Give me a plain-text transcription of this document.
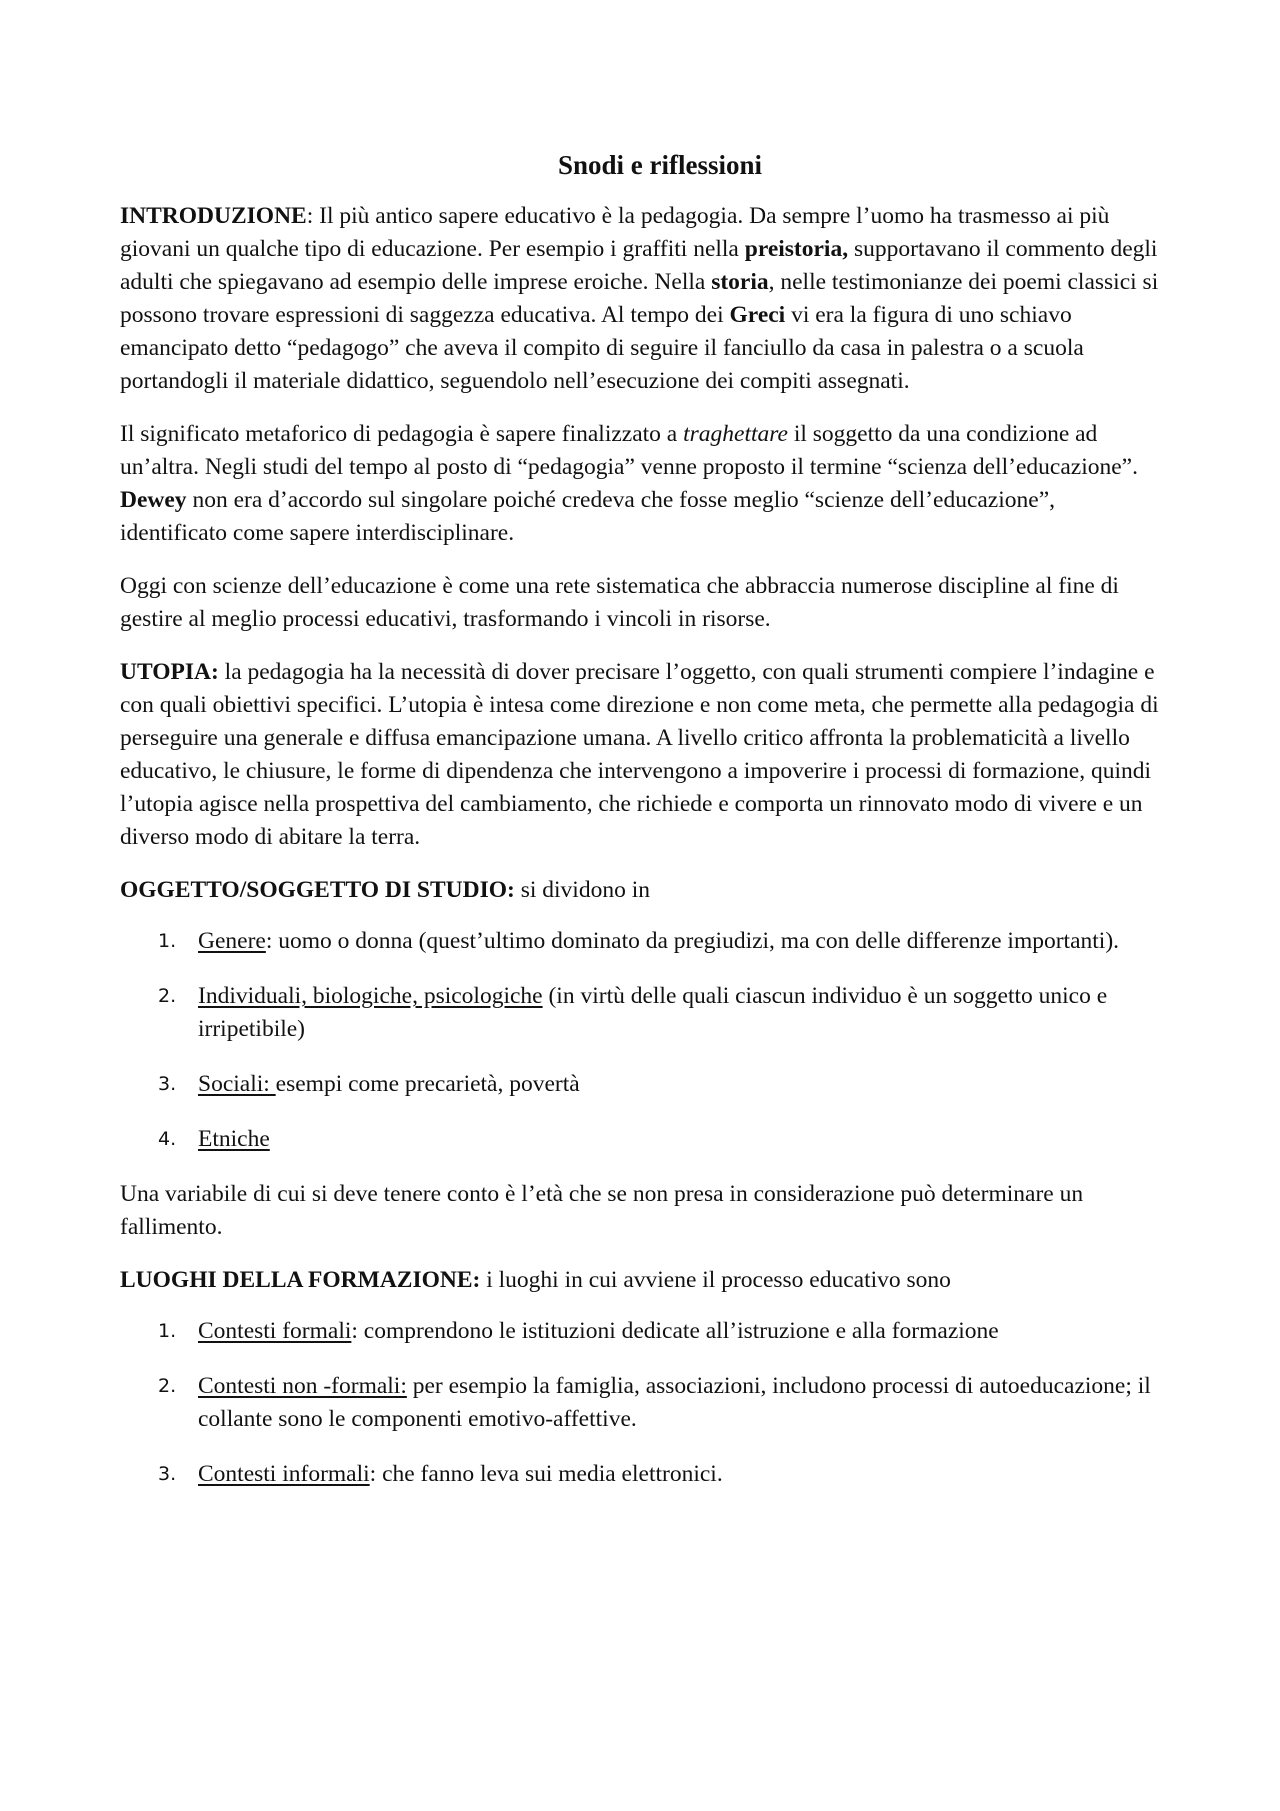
Snodi e riflessioni

INTRODUZIONE: Il più antico sapere educativo è la pedagogia. Da sempre l’uomo ha trasmesso ai più giovani un qualche tipo di educazione. Per esempio i graffiti nella preistoria, supportavano il commento degli adulti che spiegavano ad esempio delle imprese eroiche. Nella storia, nelle testimonianze dei poemi classici si possono trovare espressioni di saggezza educativa. Al tempo dei Greci vi era la figura di uno schiavo emancipato detto “pedagogo” che aveva il compito di seguire il fanciullo da casa in palestra o a scuola portandogli il materiale didattico, seguendolo nell’esecuzione dei compiti assegnati.

Il significato metaforico di pedagogia è sapere finalizzato a traghettare il soggetto da una condizione ad un’altra. Negli studi del tempo al posto di “pedagogia” venne proposto il termine “scienza dell’educazione”. Dewey non era d’accordo sul singolare poiché credeva che fosse meglio “scienze dell’educazione”, identificato come sapere interdisciplinare.

Oggi con scienze dell’educazione è come una rete sistematica che abbraccia numerose discipline al fine di gestire al meglio processi educativi, trasformando i vincoli in risorse.

UTOPIA: la pedagogia ha la necessità di dover precisare l’oggetto, con quali strumenti compiere l’indagine e con quali obiettivi specifici. L’utopia è intesa come direzione e non come meta, che permette alla pedagogia di perseguire una generale e diffusa emancipazione umana. A livello critico affronta la problematicità a livello educativo, le chiusure, le forme di dipendenza che intervengono a impoverire i processi di formazione, quindi l’utopia agisce nella prospettiva del cambiamento, che richiede e comporta un rinnovato modo di vivere e un diverso modo di abitare la terra.

OGGETTO/SOGGETTO DI STUDIO: si dividono in

1. Genere: uomo o donna (quest’ultimo dominato da pregiudizi, ma con delle differenze importanti).
2. Individuali, biologiche, psicologiche (in virtù delle quali ciascun individuo è un soggetto unico e irripetibile)
3. Sociali: esempi come precarietà, povertà
4. Etniche

Una variabile di cui si deve tenere conto è l’età che se non presa in considerazione può determinare un fallimento.

LUOGHI DELLA FORMAZIONE: i luoghi in cui avviene il processo educativo sono

1. Contesti formali: comprendono le istituzioni dedicate all’istruzione e alla formazione
2. Contesti non -formali: per esempio la famiglia, associazioni, includono processi di autoeducazione; il collante sono le componenti emotivo-affettive.
3. Contesti informali: che fanno leva sui media elettronici.
